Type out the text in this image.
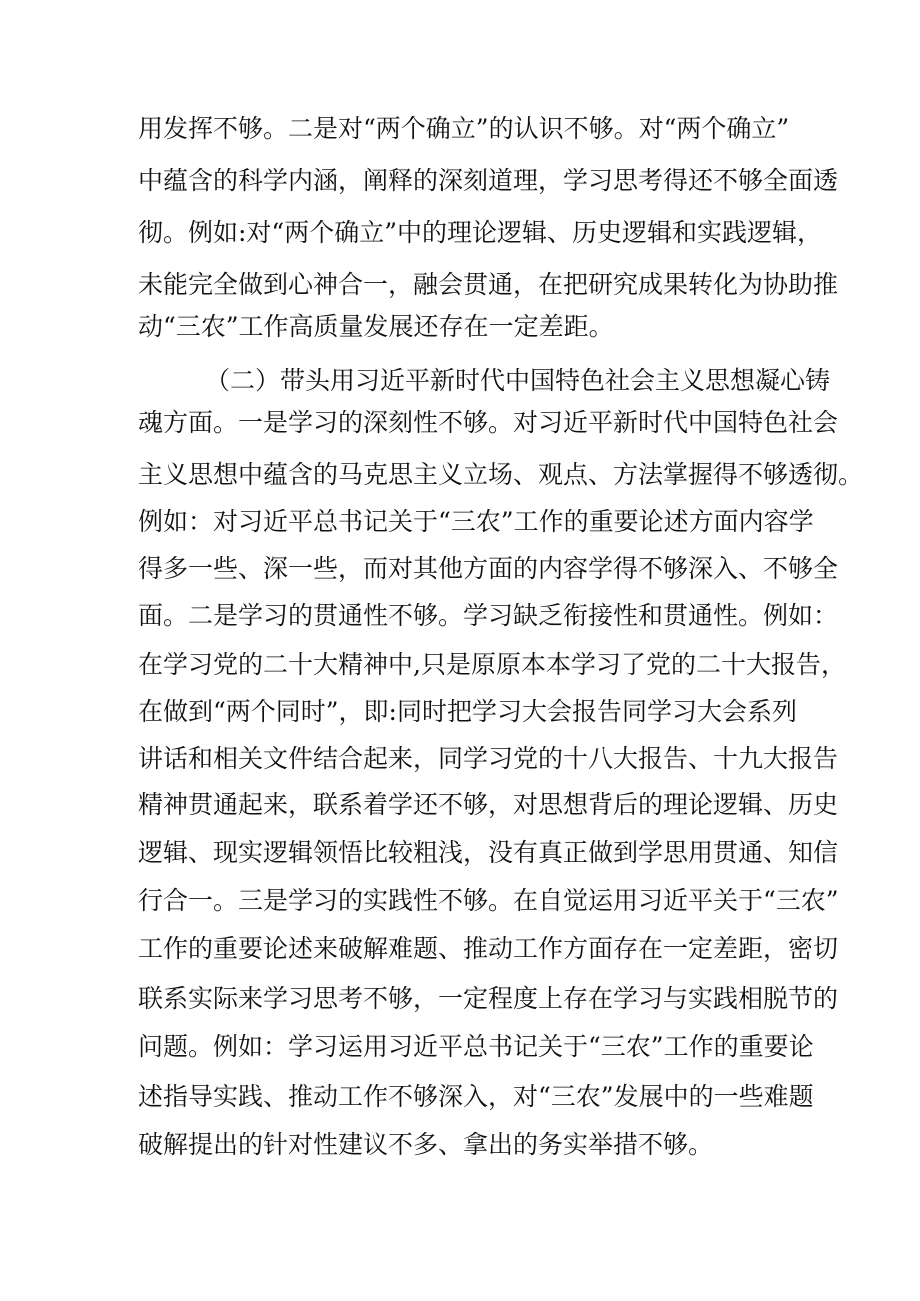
用发挥不够。二是对“两个确立”的认识不够。对“两个确立”
中蕴含的科学内涵，阐释的深刻道理，学习思考得还不够全面透
彻。例如:对“两个确立”中的理论逻辑、历史逻辑和实践逻辑，
未能完全做到心神合一，融会贯通，在把研究成果转化为协助推
动“三农”工作高质量发展还存在一定差距。
（二）带头用习近平新时代中国特色社会主义思想凝心铸
魂方面。一是学习的深刻性不够。对习近平新时代中国特色社会
主义思想中蕴含的马克思主义立场、观点、方法掌握得不够透彻。
例如：对习近平总书记关于“三农”工作的重要论述方面内容学
得多一些、深一些，而对其他方面的内容学得不够深入、不够全
面。二是学习的贯通性不够。学习缺乏衔接性和贯通性。例如：
在学习党的二十大精神中,只是原原本本学习了党的二十大报告，
在做到“两个同时”，即:同时把学习大会报告同学习大会系列
讲话和相关文件结合起来，同学习党的十八大报告、十九大报告
精神贯通起来，联系着学还不够，对思想背后的理论逻辑、历史
逻辑、现实逻辑领悟比较粗浅，没有真正做到学思用贯通、知信
行合一。三是学习的实践性不够。在自觉运用习近平关于“三农”
工作的重要论述来破解难题、推动工作方面存在一定差距，密切
联系实际来学习思考不够，一定程度上存在学习与实践相脱节的
问题。例如：学习运用习近平总书记关于“三农”工作的重要论
述指导实践、推动工作不够深入，对“三农”发展中的一些难题
破解提出的针对性建议不多、拿出的务实举措不够。
